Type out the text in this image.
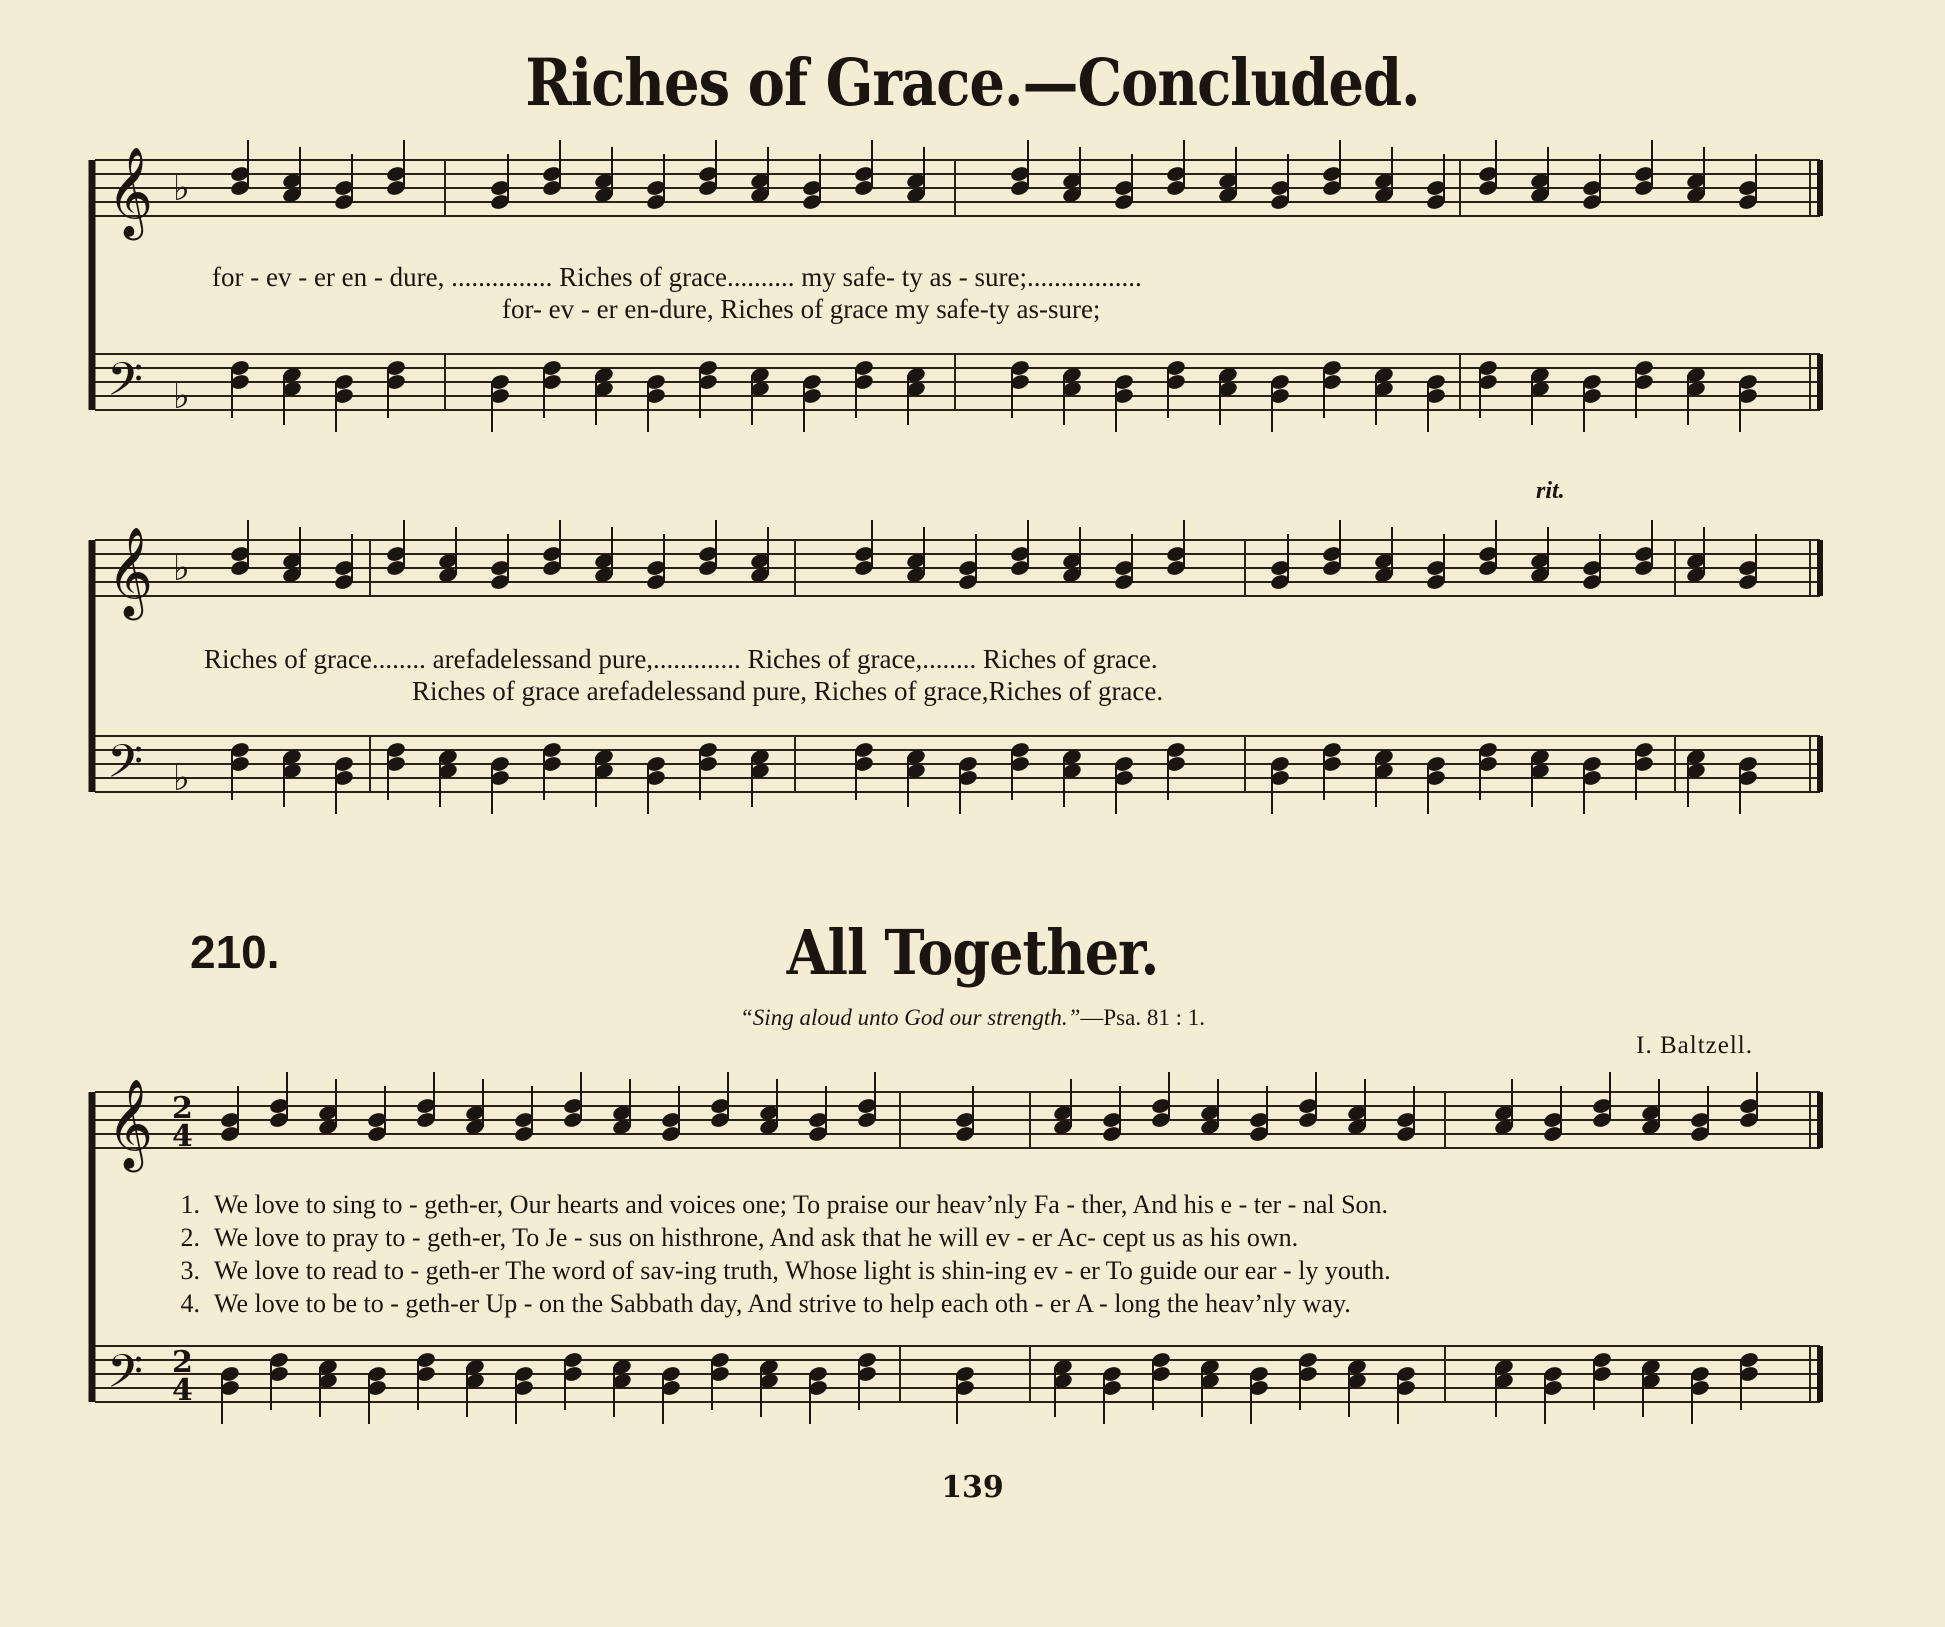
𝄞 ♭
𝄢 ♭
𝄞 ♭
𝄢 ♭
𝄞
𝄢
2
4
2
4
Riches of Grace.—Concluded.
for - ev - er en - dure, ............... Riches of grace.......... my safe- ty as - sure;.................
for- ev - er en-dure, Riches of grace my safe-ty as-sure;
rit.
Riches of grace........ arefadelessand pure,............. Riches of grace,........ Riches of grace.
Riches of grace arefadelessand pure, Riches of grace,Riches of grace.
210.	All Together.
“Sing aloud unto God our strength.”—Psa. 81 : 1.
I. Baltzell.
1. We love to sing to - geth-er, Our hearts and voices one; To praise our heav’nly Fa - ther, And his e - ter - nal Son.
2. We love to pray to - geth-er, To Je - sus on histhrone, And ask that he will ev - er Ac- cept us as his own.
3. We love to read to - geth-er The word of sav-ing truth, Whose light is shin-ing ev - er To guide our ear - ly youth.
4. We love to be to - geth-er Up - on the Sabbath day, And strive to help each oth - er A - long the heav’nly way.
139
